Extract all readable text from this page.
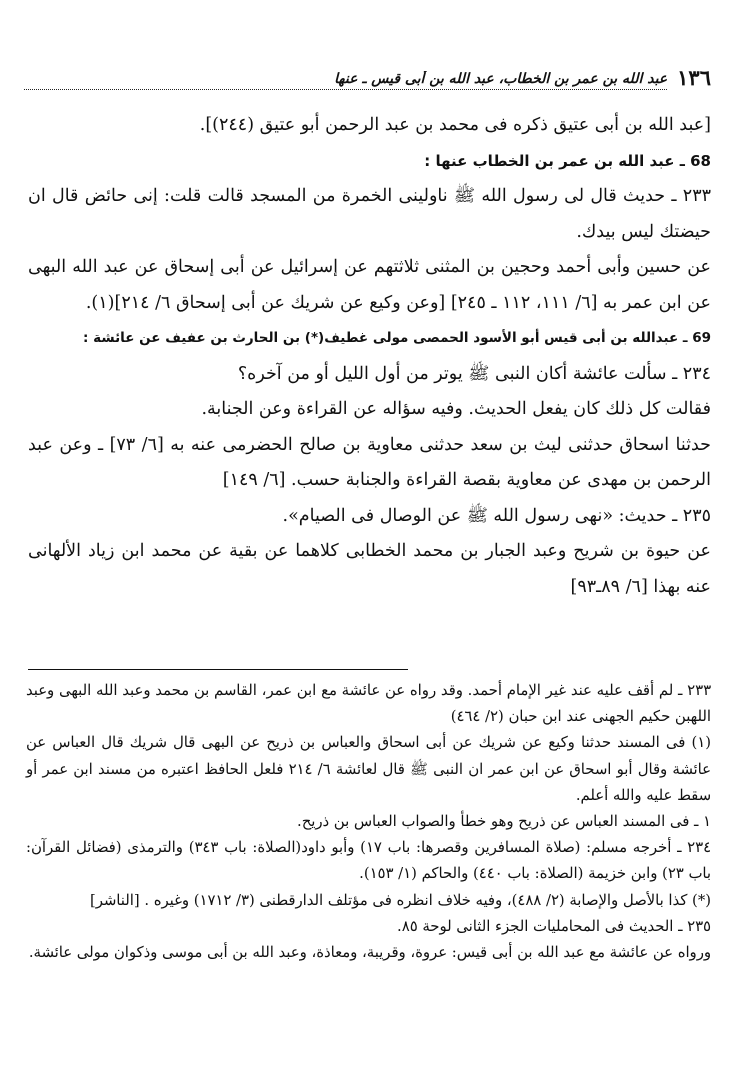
١٣٦
عبد الله بن عمر بن الخطاب، عبد الله بن أبى قيس ـ عنها

[عبد الله بن أبى عتيق ذكره فى محمد بن عبد الرحمن أبو عتيق (٢٤٤)].

68 ـ عبد الله بن عمر بن الخطاب عنها :

٢٣٣ ـ حديث قال لى رسول الله ﷺ ناولينى الخمرة من المسجد قالت قلت: إنى حائض قال ان حيضتك ليس بيدك.

عن حسين وأبى أحمد وحجين بن المثنى ثلاثتهم عن إسرائيل عن أبى إسحاق عن عبد الله البهى عن ابن عمر به [٦/ ١١١، ١١٢ ـ ٢٤٥] [وعن وكيع عن شريك عن أبى إسحاق ٦/ ٢١٤](١).

69 ـ عبدالله بن أبى قيس أبو الأسود الحمصى مولى غطيف(*) بن الحارث بن عفيف عن عائشة :

٢٣٤ ـ سألت عائشة أكان النبى ﷺ يوتر من أول الليل أو من آخره؟

فقالت كل ذلك كان يفعل الحديث. وفيه سؤاله عن القراءة وعن الجنابة.

حدثنا اسحاق حدثنى ليث بن سعد حدثنى معاوية بن صالح الحضرمى عنه به [٦/ ٧٣] ـ وعن عبد الرحمن بن مهدى عن معاوية بقصة القراءة والجنابة حسب. [٦/ ١٤٩]

٢٣٥ ـ حديث: «نهى رسول الله ﷺ عن الوصال فى الصيام».

عن حيوة بن شريح وعبد الجبار بن محمد الخطابى كلاهما عن بقية عن محمد ابن زياد الألهانى عنه بهذا [٦/ ٨٩ـ٩٣]

٢٣٣ ـ لم أقف عليه عند غير الإمام أحمد. وقد رواه عن عائشة مع ابن عمر، القاسم بن محمد وعبد الله البهى وعبد اللهبن حكيم الجهنى عند ابن حبان (٢/ ٤٦٤)

(١) فى المسند حدثنا وكيع عن شريك عن أبى اسحاق والعباس بن ذريح عن البهى قال شريك قال العباس عن عائشة وقال أبو اسحاق عن ابن عمر ان النبى ﷺ قال لعائشة ٦/ ٢١٤ فلعل الحافظ اعتبره من مسند ابن عمر أو سقط عليه والله أعلم.

١ ـ فى المسند العباس عن ذريح وهو خطأ والصواب العباس بن ذريح.

٢٣٤ ـ أخرجه مسلم: (صلاة المسافرين وقصرها: باب ١٧) وأبو داود(الصلاة: باب ٣٤٣) والترمذى (فضائل القرآن: باب ٢٣) وابن خزيمة (الصلاة: باب ٤٤٠) والحاكم (١/ ١٥٣).

(*) كذا بالأصل والإصابة (٢/ ٤٨٨)، وفيه خلاف انظره فى مؤتلف الدارقطنى (٣/ ١٧١٢) وغيره . [الناشر]

٢٣٥ ـ الحديث فى المحامليات الجزء الثانى لوحة ٨٥.

ورواه عن عائشة مع عبد الله بن أبى قيس: عروة، وقريبة، ومعاذة، وعبد الله بن أبى موسى وذكوان مولى عائشة.
